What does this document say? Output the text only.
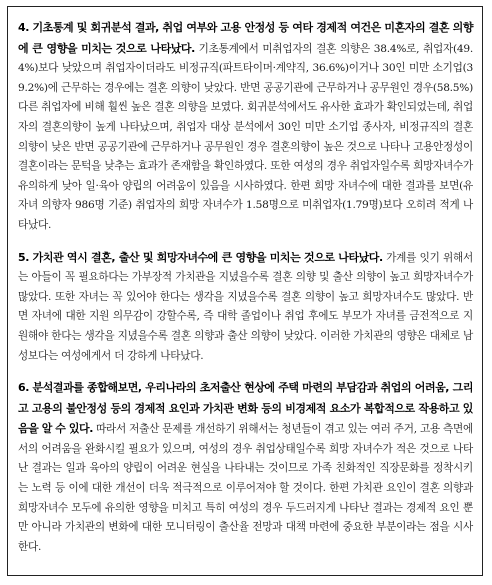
4. 기초통계 및 회귀분석 결과, 취업 여부와 고용 안정성 등 여타 경제적 여건은 미혼자의 결혼 의향에 큰 영향을 미치는 것으로 나타났다. 기초통계에서 미취업자의 결혼 의향은 38.4%로, 취업자(49.4%)보다 낮았으며 취업자이더라도 비정규직(파트타이머·계약직, 36.6%)이거나 30인 미만 소기업(39.2%)에 근무하는 경우에는 결혼 의향이 낮았다. 반면 공공기관에 근무하거나 공무원인 경우(58.5%) 다른 취업자에 비해 훨씬 높은 결혼 의향을 보였다. 회귀분석에서도 유사한 효과가 확인되었는데, 취업자의 결혼의향이 높게 나타났으며, 취업자 대상 분석에서 30인 미만 소기업 종사자, 비정규직의 결혼의향이 낮은 반면 공공기관에 근무하거나 공무원인 경우 결혼의향이 높은 것으로 나타나 고용안정성이 결혼이라는 문턱을 낮추는 효과가 존재함을 확인하였다. 또한 여성의 경우 취업자일수록 희망자녀수가 유의하게 낮아 일·육아 양립의 어려움이 있음을 시사하였다. 한편 희망 자녀수에 대한 결과를 보면(유자녀 의향자 986명 기준) 취업자의 희망 자녀수가 1.58명으로 미취업자(1.79명)보다 오히려 적게 나타났다.

5. 가치관 역시 결혼, 출산 및 희망자녀수에 큰 영향을 미치는 것으로 나타났다. 가계를 잇기 위해서는 아들이 꼭 필요하다는 가부장적 가치관을 지녔을수록 결혼 의향 및 출산 의향이 높고 희망자녀수가 많았다. 또한 자녀는 꼭 있어야 한다는 생각을 지녔을수록 결혼 의향이 높고 희망자녀수도 많았다. 반면 자녀에 대한 지원 의무감이 강할수록, 즉 대학 졸업이나 취업 후에도 부모가 자녀를 금전적으로 지원해야 한다는 생각을 지녔을수록 결혼 의향과 출산 의향이 낮았다. 이러한 가치관의 영향은 대체로 남성보다는 여성에게서 더 강하게 나타났다.

6. 분석결과를 종합해보면, 우리나라의 초저출산 현상에 주택 마련의 부담감과 취업의 어려움, 그리고 고용의 불안정성 등의 경제적 요인과 가치관 변화 등의 비경제적 요소가 복합적으로 작용하고 있음을 알 수 있다. 따라서 저출산 문제를 개선하기 위해서는 청년들이 겪고 있는 여러 주거, 고용 측면에서의 어려움을 완화시킬 필요가 있으며, 여성의 경우 취업상태일수록 희망 자녀수가 적은 것으로 나타난 결과는 일과 육아의 양립이 어려운 현실을 나타내는 것이므로 가족 친화적인 직장문화를 정착시키는 노력 등 이에 대한 개선이 더욱 적극적으로 이루어져야 할 것이다. 한편 가치관 요인이 결혼 의향과 희망자녀수 모두에 유의한 영향을 미치고 특히 여성의 경우 두드러지게 나타난 결과는 경제적 요인 뿐만 아니라 가치관의 변화에 대한 모니터링이 출산율 전망과 대책 마련에 중요한 부분이라는 점을 시사한다.
